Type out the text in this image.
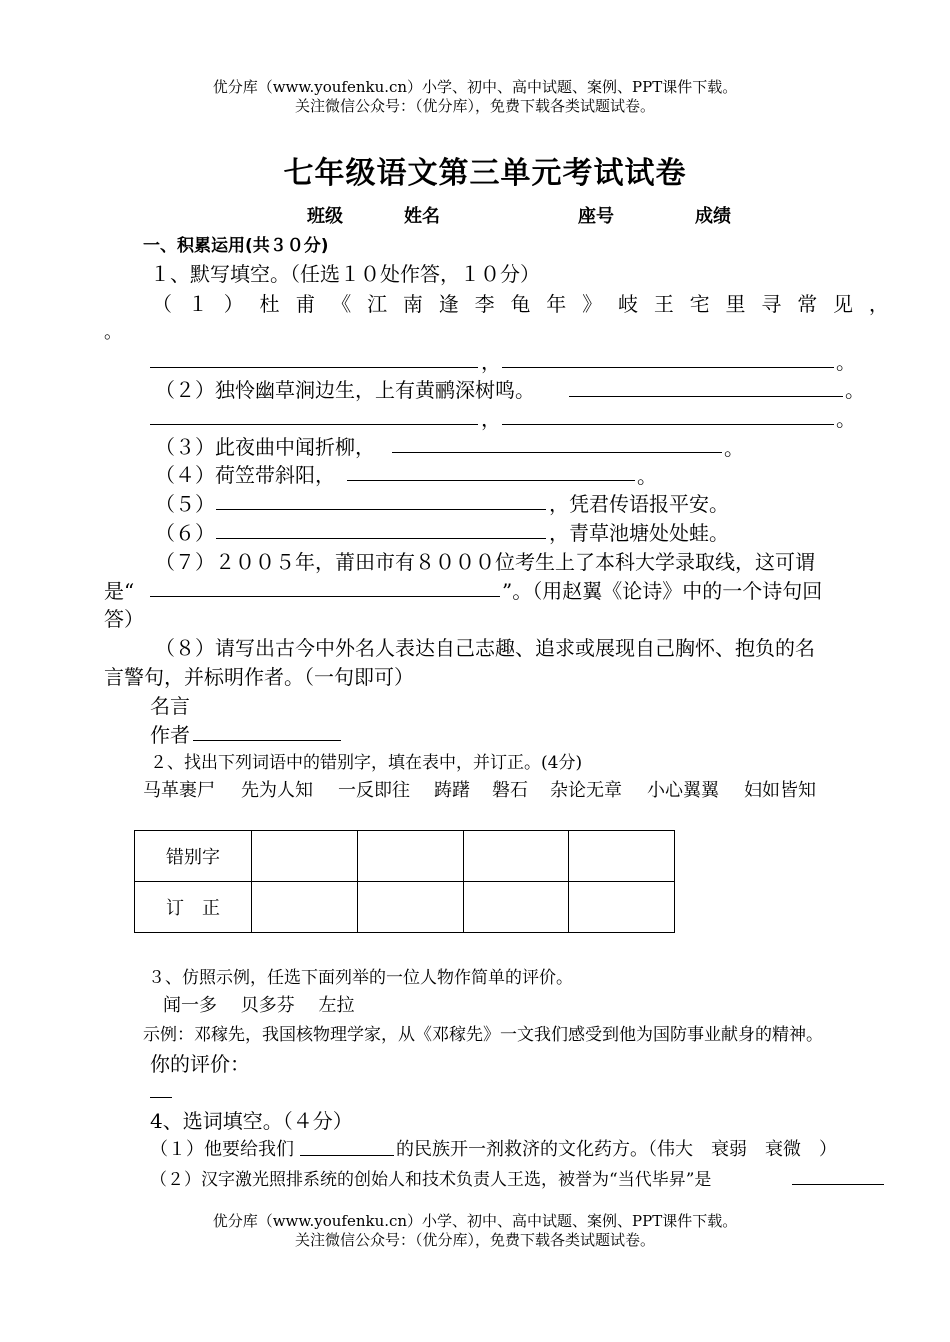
优分库（www.youfenku.cn）小学、初中、高中试题、案例、PPT课件下载。
关注微信公众号：（优分库），免费下载各类试题试卷。
七年级语文第三单元考试试卷
班级	姓名	座号	成绩
一、积累运用(共３０分)
１、默写填空。（任选１０处作答，１０分）
（ １ ） 杜 甫 《 江 南 逢 李 龟 年 》 岐 王 宅 里 寻 常 见 ，
。
，	。
（２）独怜幽草涧边生，上有黄鹂深树鸣。	。
，	。
（３）此夜曲中闻折柳，	。
（４）荷笠带斜阳，	。
（５）	，凭君传语报平安。
（６）	，青草池塘处处蛙。
（７）２００５年，莆田市有８０００位考生上了本科大学录取线，这可谓
是“	”。（用赵翼《论诗》中的一个诗句回
答）
（８）请写出古今中外名人表达自己志趣、追求或展现自己胸怀、抱负的名
言警句，并标明作者。（一句即可）
名言
作者
２、找出下列词语中的错别字，填在表中，并订正。(4分)
马革裹尸 先为人知 一反即往 踌躇 磐石 杂论无章 小心翼翼 妇如皆知
错别字				
订　正				
３、仿照示例，任选下面列举的一位人物作简单的评价。
闻一多　 贝多芬　 左拉
示例：邓稼先，我国核物理学家，从《邓稼先》一文我们感受到他为国防事业献身的精神。
你的评价：
4、选词填空。（４分）
（１）他要给我们	的民族开一剂救济的文化药方。（伟大　衰弱　衰微　）
（２）汉字激光照排系统的创始人和技术负责人王选，被誉为“当代毕昇”是
优分库（www.youfenku.cn）小学、初中、高中试题、案例、PPT课件下载。
关注微信公众号：（优分库），免费下载各类试题试卷。
